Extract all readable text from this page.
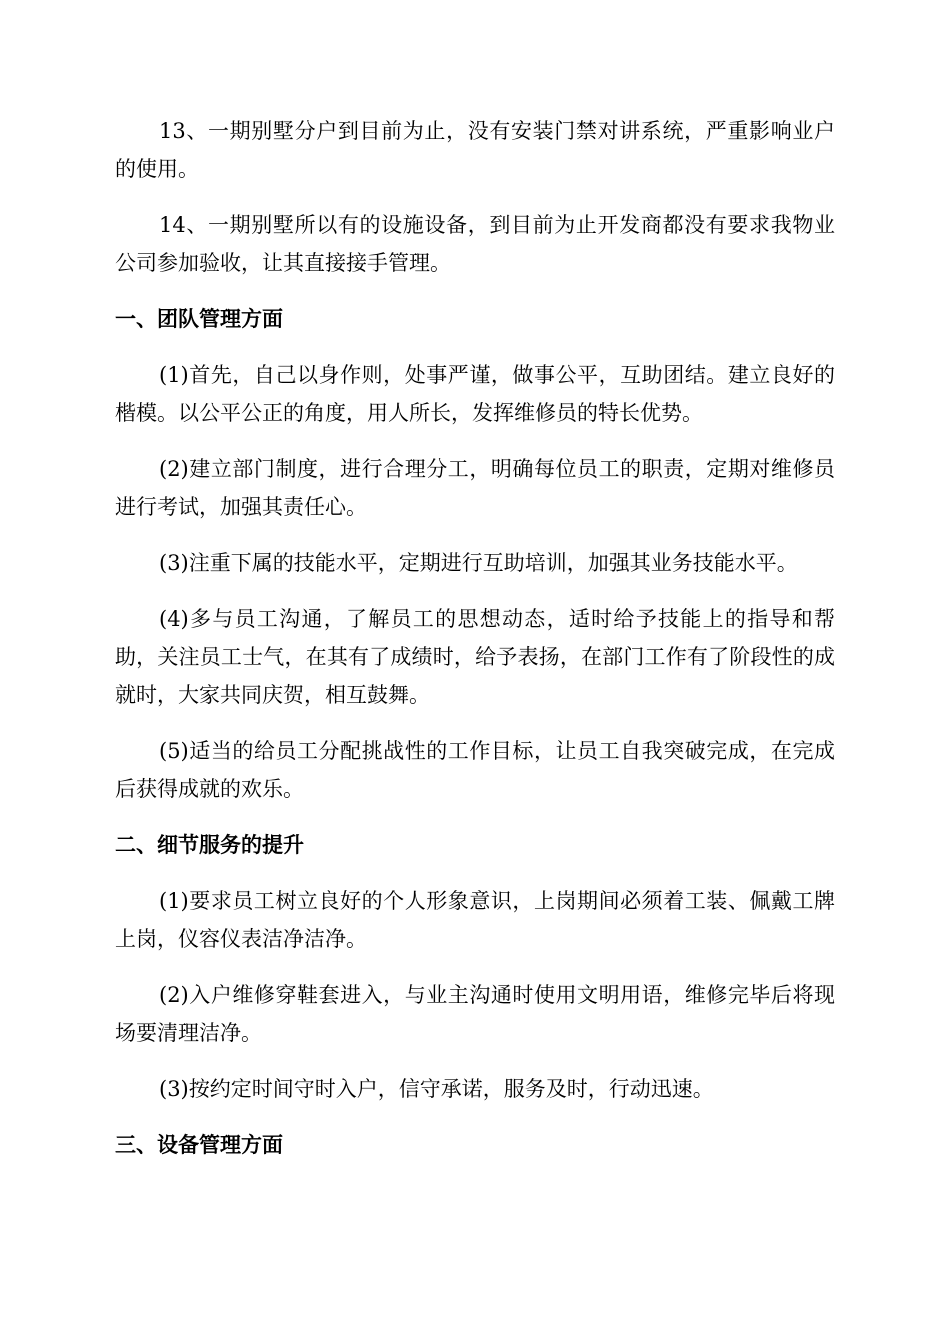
13、一期别墅分户到目前为止，没有安装门禁对讲系统，严重影响业户的使用。

14、一期别墅所以有的设施设备，到目前为止开发商都没有要求我物业公司参加验收，让其直接接手管理。

一、团队管理方面

(1)首先，自己以身作则，处事严谨，做事公平，互助团结。建立良好的楷模。以公平公正的角度，用人所长，发挥维修员的特长优势。

(2)建立部门制度，进行合理分工，明确每位员工的职责，定期对维修员进行考试，加强其责任心。

(3)注重下属的技能水平，定期进行互助培训，加强其业务技能水平。

(4)多与员工沟通，了解员工的思想动态，适时给予技能上的指导和帮助，关注员工士气，在其有了成绩时，给予表扬，在部门工作有了阶段性的成就时，大家共同庆贺，相互鼓舞。

(5)适当的给员工分配挑战性的工作目标，让员工自我突破完成，在完成后获得成就的欢乐。

二、细节服务的提升

(1)要求员工树立良好的个人形象意识，上岗期间必须着工装、佩戴工牌上岗，仪容仪表洁净洁净。

(2)入户维修穿鞋套进入，与业主沟通时使用文明用语，维修完毕后将现场要清理洁净。

(3)按约定时间守时入户，信守承诺，服务及时，行动迅速。

三、设备管理方面
